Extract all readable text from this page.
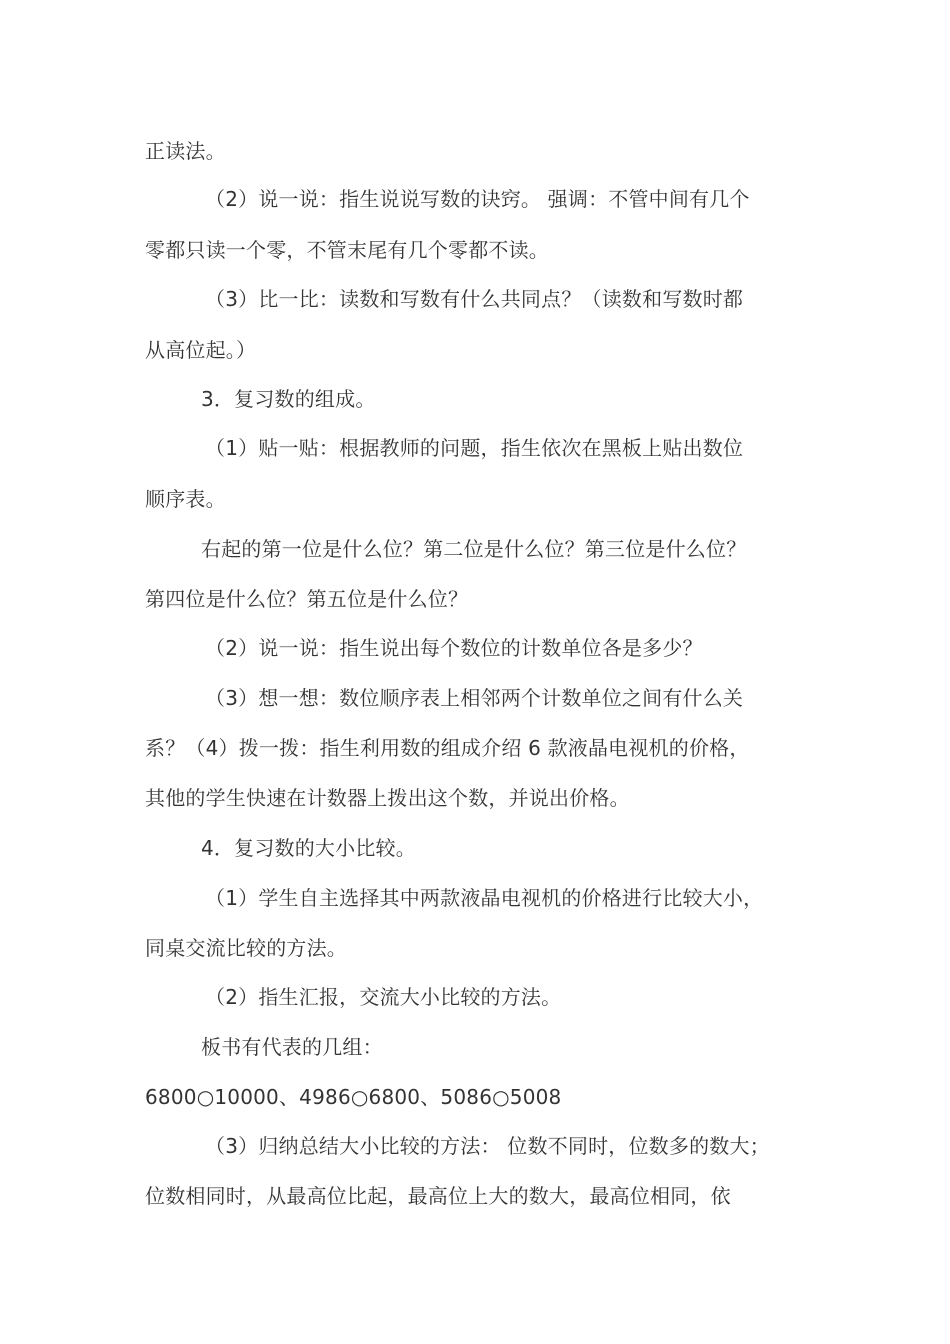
正读法。
（2）说一说：指生说说写数的诀窍。 强调：不管中间有几个
零都只读一个零，不管末尾有几个零都不读。
（3）比一比：读数和写数有什么共同点？（读数和写数时都
从高位起。）
3．复习数的组成。
（1）贴一贴：根据教师的问题，指生依次在黑板上贴出数位
顺序表。
右起的第一位是什么位？第二位是什么位？第三位是什么位？
第四位是什么位？第五位是什么位？
（2）说一说：指生说出每个数位的计数单位各是多少？
（3）想一想：数位顺序表上相邻两个计数单位之间有什么关
系？（4）拨一拨：指生利用数的组成介绍 6 款液晶电视机的价格，
其他的学生快速在计数器上拨出这个数，并说出价格。
4．复习数的大小比较。
（1）学生自主选择其中两款液晶电视机的价格进行比较大小，
同桌交流比较的方法。
（2）指生汇报，交流大小比较的方法。
板书有代表的几组：
6800○10000、4986○6800、5086○5008
（3）归纳总结大小比较的方法： 位数不同时，位数多的数大；
位数相同时，从最高位比起，最高位上大的数大，最高位相同，依
